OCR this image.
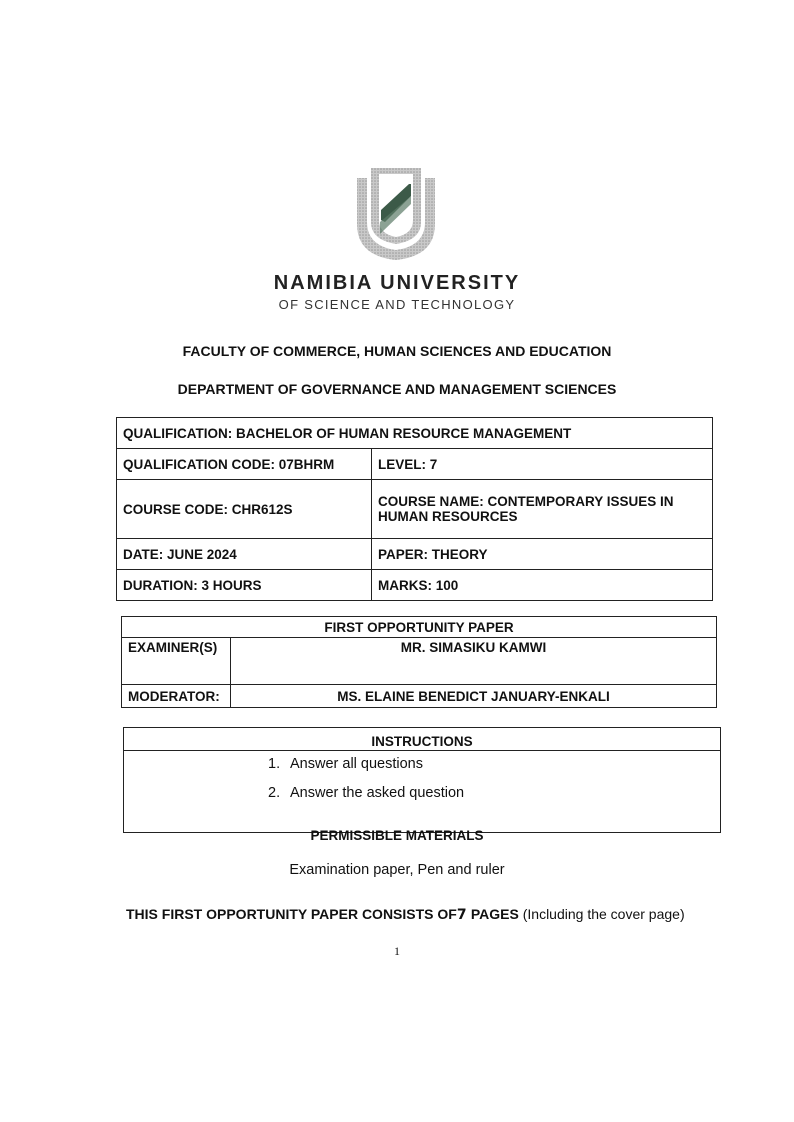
NAMIBIA UNIVERSITY
OF SCIENCE AND TECHNOLOGY
FACULTY OF COMMERCE, HUMAN SCIENCES AND EDUCATION
DEPARTMENT OF GOVERNANCE AND MANAGEMENT SCIENCES
QUALIFICATION: BACHELOR OF HUMAN RESOURCE MANAGEMENT	
QUALIFICATION CODE: 07BHRM	LEVEL: 7
COURSE CODE: CHR612S	COURSE NAME: CONTEMPORARY ISSUES IN HUMAN RESOURCES
DATE: JUNE 2024	PAPER: THEORY
DURATION: 3 HOURS	MARKS: 100
FIRST OPPORTUNITY PAPER	
EXAMINER(S)	MR. SIMASIKU KAMWI
MODERATOR:	MS. ELAINE BENEDICT JANUARY-ENKALI
INSTRUCTIONS
1. Answer all questions
2. Answer the asked question
PERMISSIBLE MATERIALS
Examination paper, Pen and ruler
THIS FIRST OPPORTUNITY PAPER CONSISTS OF7 PAGES (Including the cover page)
1
